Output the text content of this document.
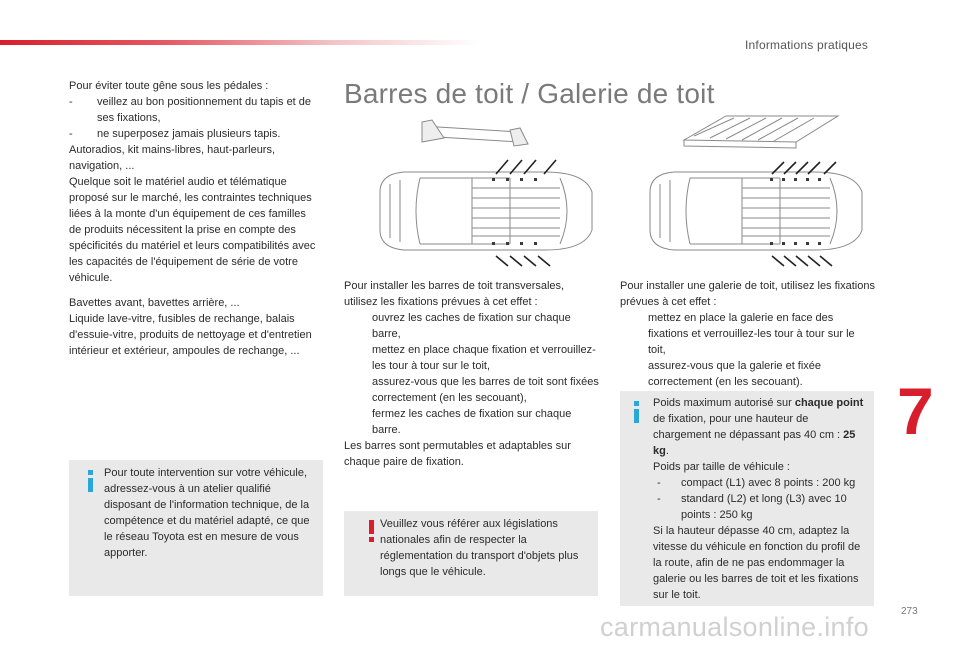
Informations pratiques
7
273
carmanualsonline.info
Pour éviter toute gêne sous les pédales :
- veillez au bon positionnement du tapis et de ses fixations,
- ne superposez jamais plusieurs tapis.
Autoradios, kit mains-libres, haut-parleurs, navigation, ...
Quelque soit le matériel audio et télématique proposé sur le marché, les contraintes techniques liées à la monte d'un équipement de ces familles de produits nécessitent la prise en compte des spécificités du matériel et leurs compatibilités avec les capacités de l'équipement de série de votre véhicule.
Bavettes avant, bavettes arrière, ...
Liquide lave-vitre, fusibles de rechange, balais d'essuie-vitre, produits de nettoyage et d'entretien intérieur et extérieur, ampoules de rechange, ...
Pour toute intervention sur votre véhicule, adressez-vous à un atelier qualifié disposant de l'information technique, de la compétence et du matériel adapté, ce que le réseau Toyota est en mesure de vous apporter.
Barres de toit / Galerie de toit
Pour installer les barres de toit transversales, utilisez les fixations prévues à cet effet :
ouvrez les caches de fixation sur chaque barre,
mettez en place chaque fixation et verrouillez-les tour à tour sur le toit,
assurez-vous que les barres de toit sont fixées correctement (en les secouant),
fermez les caches de fixation sur chaque barre.
Les barres sont permutables et adaptables sur chaque paire de fixation.
Veuillez vous référer aux législations nationales afin de respecter la réglementation du transport d'objets plus longs que le véhicule.
Pour installer une galerie de toit, utilisez les fixations prévues à cet effet :
mettez en place la galerie en face des fixations et verrouillez-les tour à tour sur le toit,
assurez-vous que la galerie et fixée correctement (en les secouant).
Poids maximum autorisé sur chaque point de fixation, pour une hauteur de chargement ne dépassant pas 40 cm : 25 kg.
Poids par taille de véhicule :
- compact (L1) avec 8 points : 200 kg
- standard (L2) et long (L3) avec 10 points : 250 kg
Si la hauteur dépasse 40 cm, adaptez la vitesse du véhicule en fonction du profil de la route, afin de ne pas endommager la galerie ou les barres de toit et les fixations sur le toit.
